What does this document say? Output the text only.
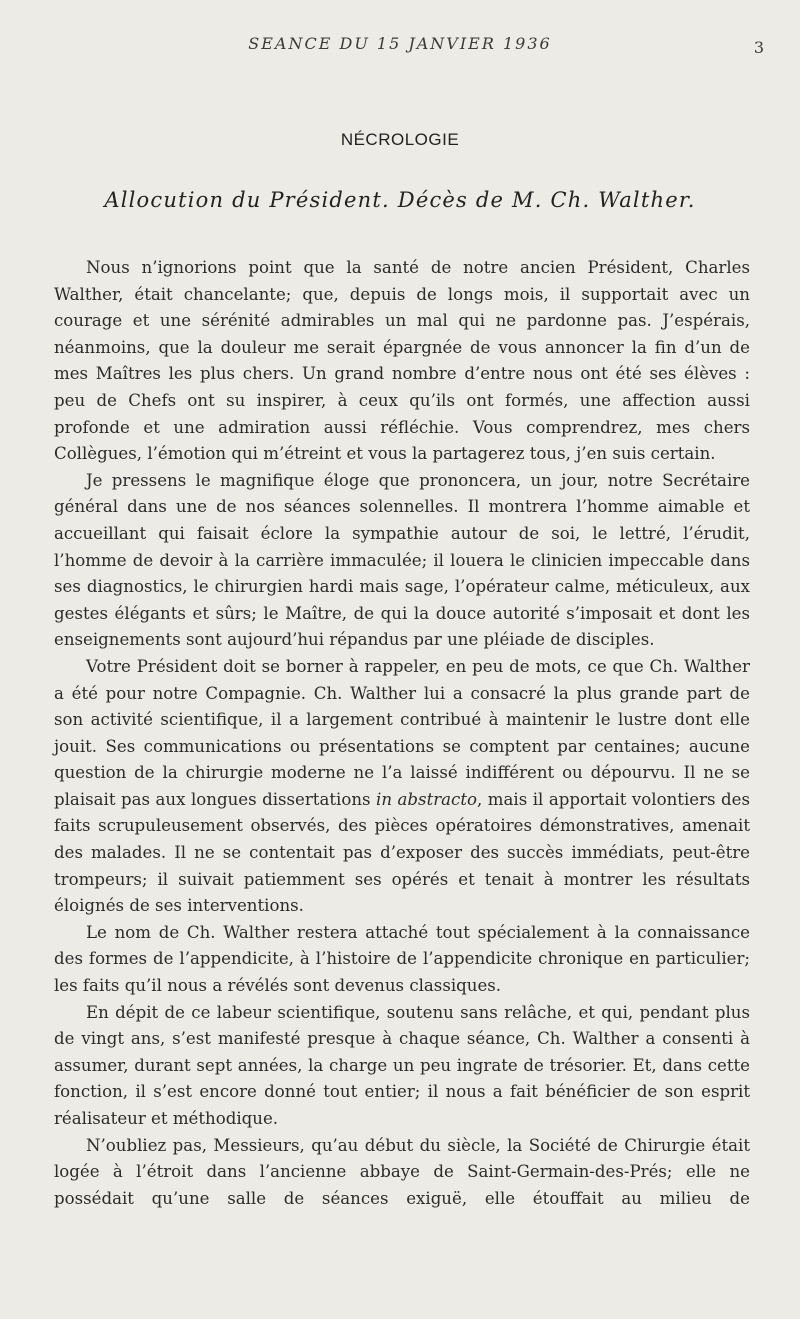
SEANCE DU 15 JANVIER 1936	3
NÉCROLOGIE
Allocution du Président. Décès de M. Ch. Walther.

Nous n’ignorions point que la santé de notre ancien Président, Charles Walther, était chancelante; que, depuis de longs mois, il supportait avec un courage et une sérénité admirables un mal qui ne pardonne pas. J’espérais, néanmoins, que la douleur me serait épargnée de vous annoncer la fin d’un de mes Maîtres les plus chers. Un grand nombre d’entre nous ont été ses élèves : peu de Chefs ont su inspirer, à ceux qu’ils ont formés, une affection aussi profonde et une admiration aussi réfléchie. Vous comprendrez, mes chers Collègues, l’émotion qui m’étreint et vous la partagerez tous, j’en suis certain.

Je pressens le magnifique éloge que prononcera, un jour, notre Secrétaire général dans une de nos séances solennelles. Il montrera l’homme aimable et accueillant qui faisait éclore la sympathie autour de soi, le lettré, l’érudit, l’homme de devoir à la carrière immaculée; il louera le clinicien impeccable dans ses diagnostics, le chirurgien hardi mais sage, l’opérateur calme, méticuleux, aux gestes élégants et sûrs; le Maître, de qui la douce autorité s’imposait et dont les enseignements sont aujourd’hui répandus par une pléiade de disciples.

Votre Président doit se borner à rappeler, en peu de mots, ce que Ch. Walther a été pour notre Compagnie. Ch. Walther lui a consacré la plus grande part de son activité scientifique, il a largement contribué à maintenir le lustre dont elle jouit. Ses communications ou présentations se comptent par centaines; aucune question de la chirurgie moderne ne l’a laissé indifférent ou dépourvu. Il ne se plaisait pas aux longues dissertations in abstracto, mais il apportait volontiers des faits scrupuleusement observés, des pièces opératoires démonstratives, amenait des malades. Il ne se contentait pas d’exposer des succès immédiats, peut-être trompeurs; il suivait patiemment ses opérés et tenait à montrer les résultats éloignés de ses interventions.

Le nom de Ch. Walther restera attaché tout spécialement à la connaissance des formes de l’appendicite, à l’histoire de l’appendicite chronique en particulier; les faits qu’il nous a révélés sont devenus classiques.

En dépit de ce labeur scientifique, soutenu sans relâche, et qui, pendant plus de vingt ans, s’est manifesté presque à chaque séance, Ch. Walther a consenti à assumer, durant sept années, la charge un peu ingrate de trésorier. Et, dans cette fonction, il s’est encore donné tout entier; il nous a fait bénéficier de son esprit réalisateur et méthodique.

N’oubliez pas, Messieurs, qu’au début du siècle, la Société de Chirurgie était logée à l’étroit dans l’ancienne abbaye de Saint-Germain-des-Prés; elle ne possédait qu’une salle de séances exiguë, elle étouffait au milieu de
